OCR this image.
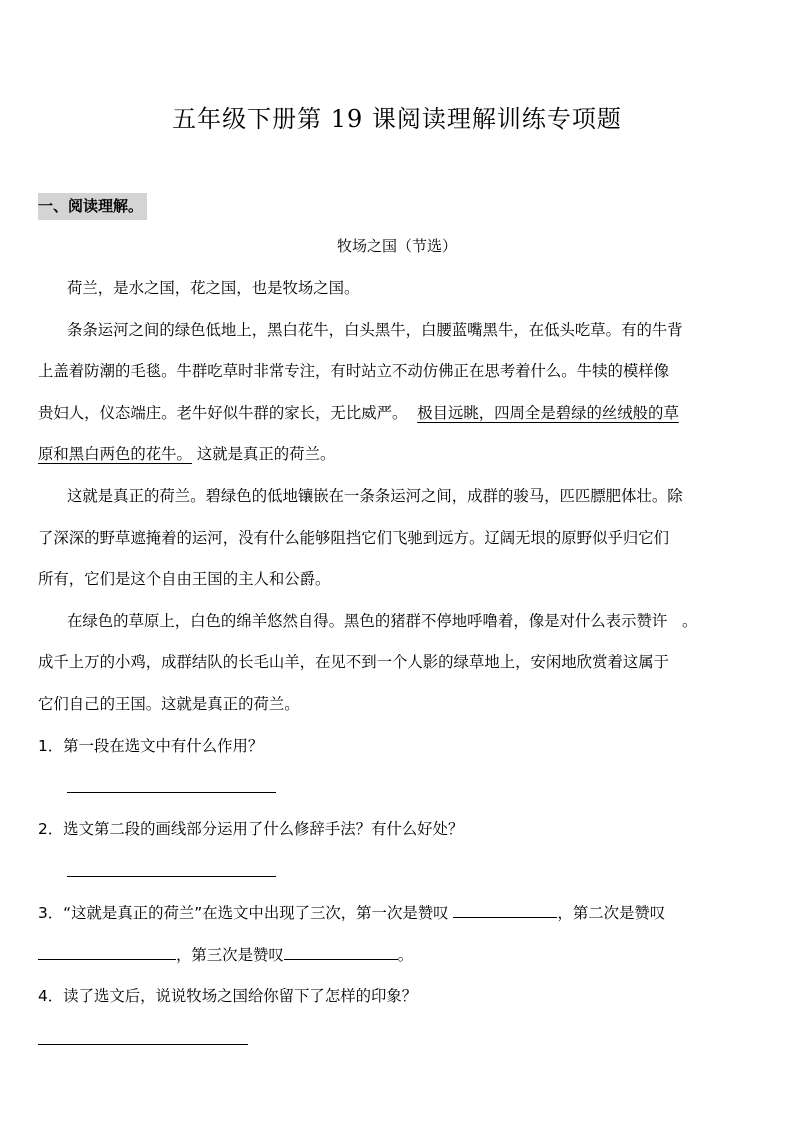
五年级下册第 19 课阅读理解训练专项题
一、阅读理解。
牧场之国（节选）
荷兰，是水之国，花之国，也是牧场之国。
条条运河之间的绿色低地上，黑白花牛，白头黑牛，白腰蓝嘴黑牛，在低头吃草。有的牛背
上盖着防潮的毛毯。牛群吃草时非常专注，有时站立不动仿佛正在思考着什么。牛犊的模样像
贵妇人，仪态端庄。老牛好似牛群的家长，无比威严。 极目远眺，四周全是碧绿的丝绒般的草
原和黑白两色的花牛。 这就是真正的荷兰。
这就是真正的荷兰。碧绿色的低地镶嵌在一条条运河之间，成群的骏马，匹匹膘肥体壮。除
了深深的野草遮掩着的运河，没有什么能够阻挡它们飞驰到远方。辽阔无垠的原野似乎归它们
所有，它们是这个自由王国的主人和公爵。
在绿色的草原上，白色的绵羊悠然自得。黑色的猪群不停地呼噜着，像是对什么表示赞许 。
成千上万的小鸡，成群结队的长毛山羊，在见不到一个人影的绿草地上，安闲地欣赏着这属于
它们自己的王国。这就是真正的荷兰。
1．第一段在选文中有什么作用？
2．选文第二段的画线部分运用了什么修辞手法？有什么好处？
3．“这就是真正的荷兰”在选文中出现了三次，第一次是赞叹	，第二次是赞叹
，第三次是赞叹	。
4．读了选文后，说说牧场之国给你留下了怎样的印象？
